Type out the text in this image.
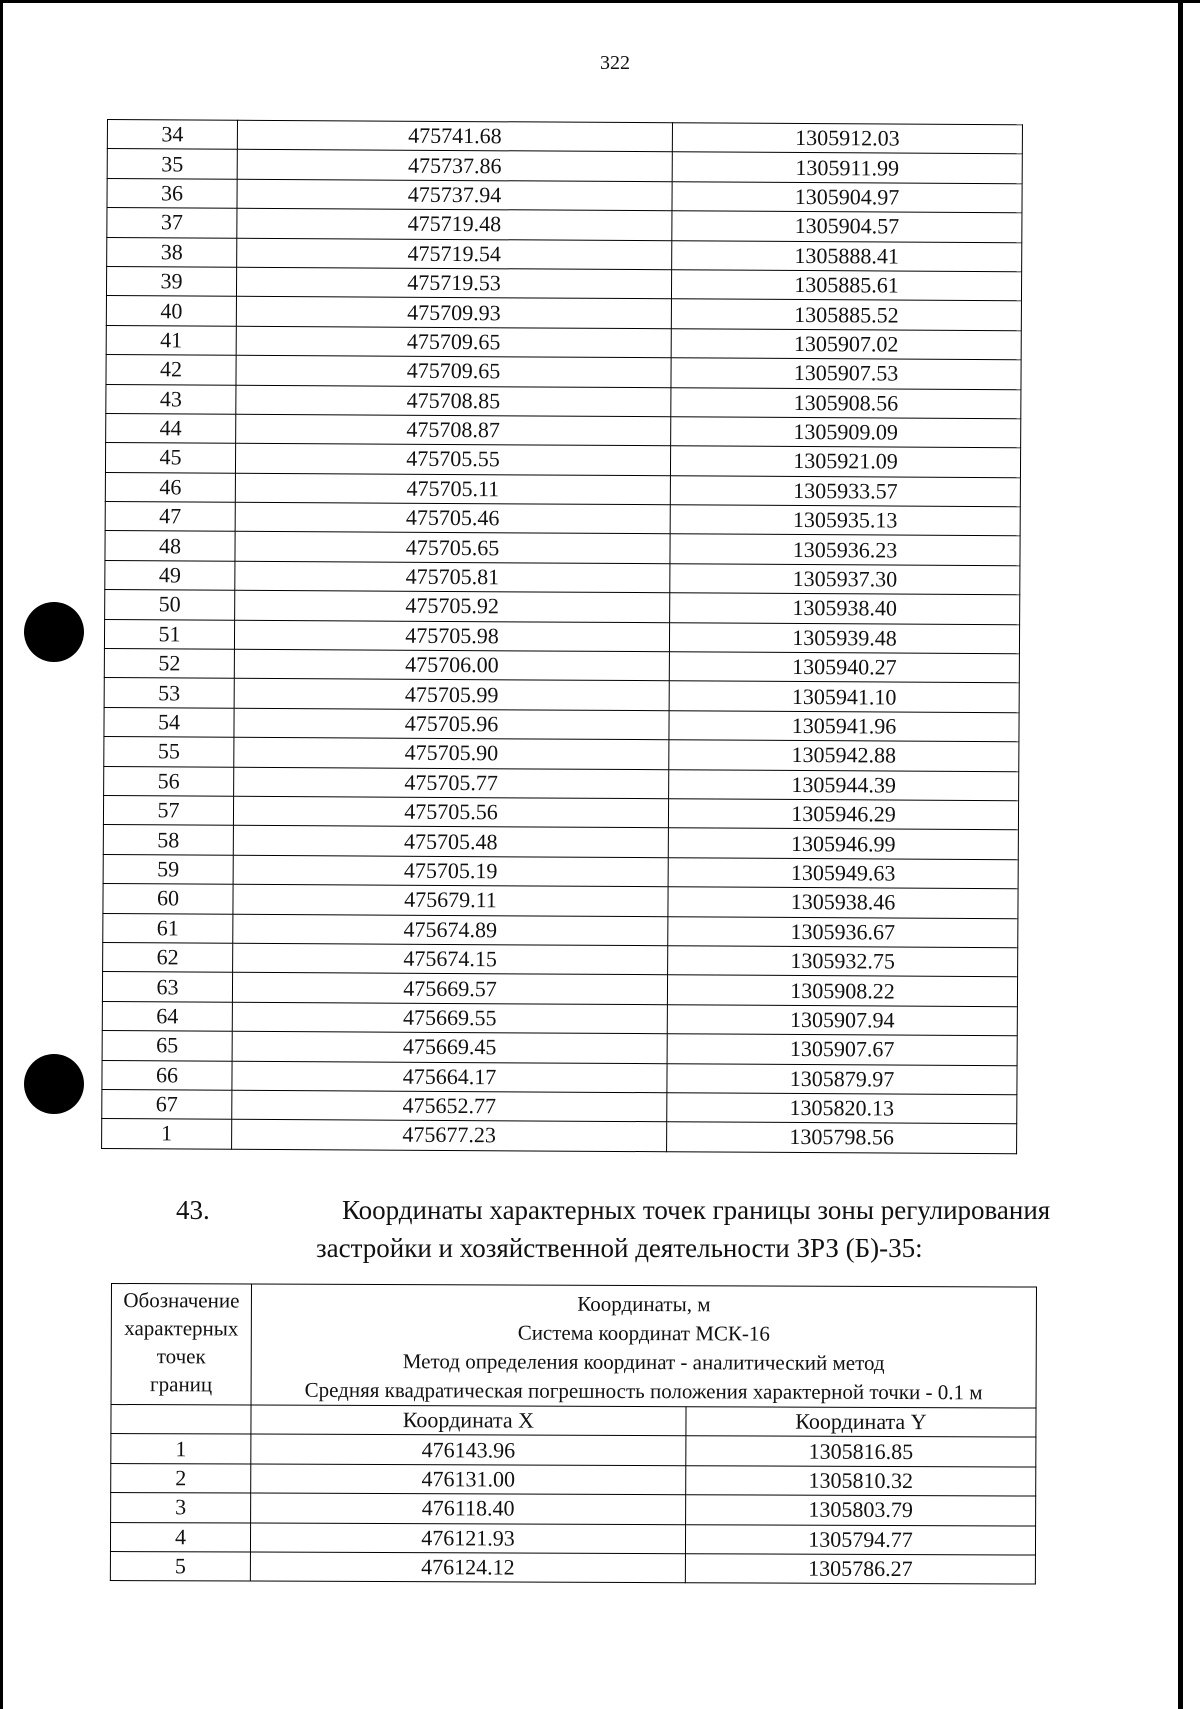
322
34	475741.68	1305912.03
35	475737.86	1305911.99
36	475737.94	1305904.97
37	475719.48	1305904.57
38	475719.54	1305888.41
39	475719.53	1305885.61
40	475709.93	1305885.52
41	475709.65	1305907.02
42	475709.65	1305907.53
43	475708.85	1305908.56
44	475708.87	1305909.09
45	475705.55	1305921.09
46	475705.11	1305933.57
47	475705.46	1305935.13
48	475705.65	1305936.23
49	475705.81	1305937.30
50	475705.92	1305938.40
51	475705.98	1305939.48
52	475706.00	1305940.27
53	475705.99	1305941.10
54	475705.96	1305941.96
55	475705.90	1305942.88
56	475705.77	1305944.39
57	475705.56	1305946.29
58	475705.48	1305946.99
59	475705.19	1305949.63
60	475679.11	1305938.46
61	475674.89	1305936.67
62	475674.15	1305932.75
63	475669.57	1305908.22
64	475669.55	1305907.94
65	475669.45	1305907.67
66	475664.17	1305879.97
67	475652.77	1305820.13
1	475677.23	1305798.56
43.	Координаты характерных точек границы зоны регулирования
застройки и хозяйственной деятельности ЗРЗ (Б)-35:
Обозначение
характерных
точек
границ	Координаты, м
Система координат МСК-16
Метод определения координат - аналитический метод
Средняя квадратическая погрешность положения характерной точки - 0.1 м	

	Координата X	Координата Y
1	476143.96	1305816.85
2	476131.00	1305810.32
3	476118.40	1305803.79
4	476121.93	1305794.77
5	476124.12	1305786.27
